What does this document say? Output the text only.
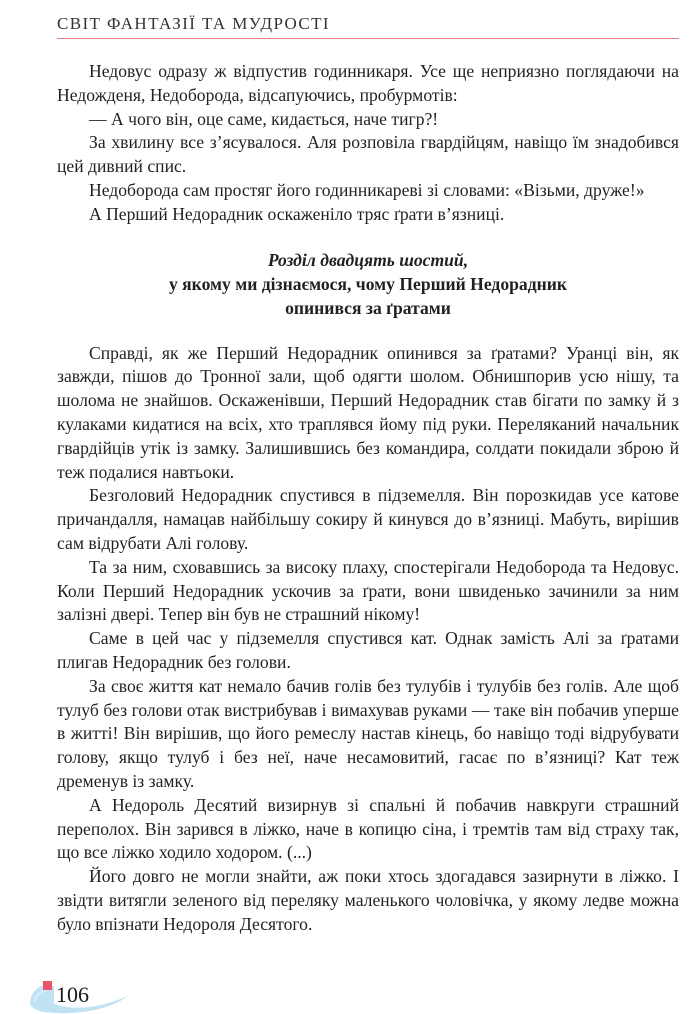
СВІТ ФАНТАЗІЇ ТА МУДРОСТІ

Недовус одразу ж відпустив годинникаря. Усе ще неприязно поглядаючи на Недожденя, Недоборода, відсапуючись, пробурмотів:

— А чого він, оце саме, кидається, наче тигр?!

За хвилину все з’ясувалося. Аля розповіла гвардійцям, навіщо їм знадобився цей дивний спис.

Недоборода сам простяг його годинникареві зі словами: «Візьми, друже!»

А Перший Недорадник оскаженіло тряс ґрати в’язниці.

Розділ двадцять шостий,
у якому ми дізнаємося, чому Перший Недорадник
опинився за ґратами

Справді, як же Перший Недорадник опинився за ґратами? Уранці він, як завжди, пішов до Тронної зали, щоб одягти шолом. Обнишпорив усю нішу, та шолома не знайшов. Оскаженівши, Перший Недорадник став бігати по замку й з кулаками кидатися на всіх, хто траплявся йому під руки. Переляканий начальник гвардійців утік із замку. Залишившись без командира, солдати покидали зброю й теж подалися навтьоки.

Безголовий Недорадник спустився в підземелля. Він порозкидав усе катове причандалля, намацав найбільшу сокиру й кинувся до в’язниці. Мабуть, вирішив сам відрубати Алі голову.

Та за ним, сховавшись за високу плаху, спостерігали Недоборода та Недовус. Коли Перший Недорадник ускочив за ґрати, вони швиденько зачинили за ним залізні двері. Тепер він був не страшний нікому!

Саме в цей час у підземелля спустився кат. Однак замість Алі за ґратами плигав Недорадник без голови.

За своє життя кат немало бачив голів без тулубів і тулубів без голів. Але щоб тулуб без голови отак вистрибував і вимахував руками — таке він побачив уперше в житті! Він вирішив, що його ремеслу настав кінець, бо навіщо тоді відрубувати голову, якщо тулуб і без неї, наче несамовитий, гасає по в’язниці? Кат теж дременув із замку.

А Недороль Десятий визирнув зі спальні й побачив навкруги страшний переполох. Він зарився в ліжко, наче в копицю сіна, і тремтів там від страху так, що все ліжко ходило ходором. (...)

Його довго не могли знайти, аж поки хтось здогадався зазирнути в ліжко. І звідти витягли зеленого від переляку маленького чоловічка, у якому ледве можна було впізнати Недороля Десятого.

106
